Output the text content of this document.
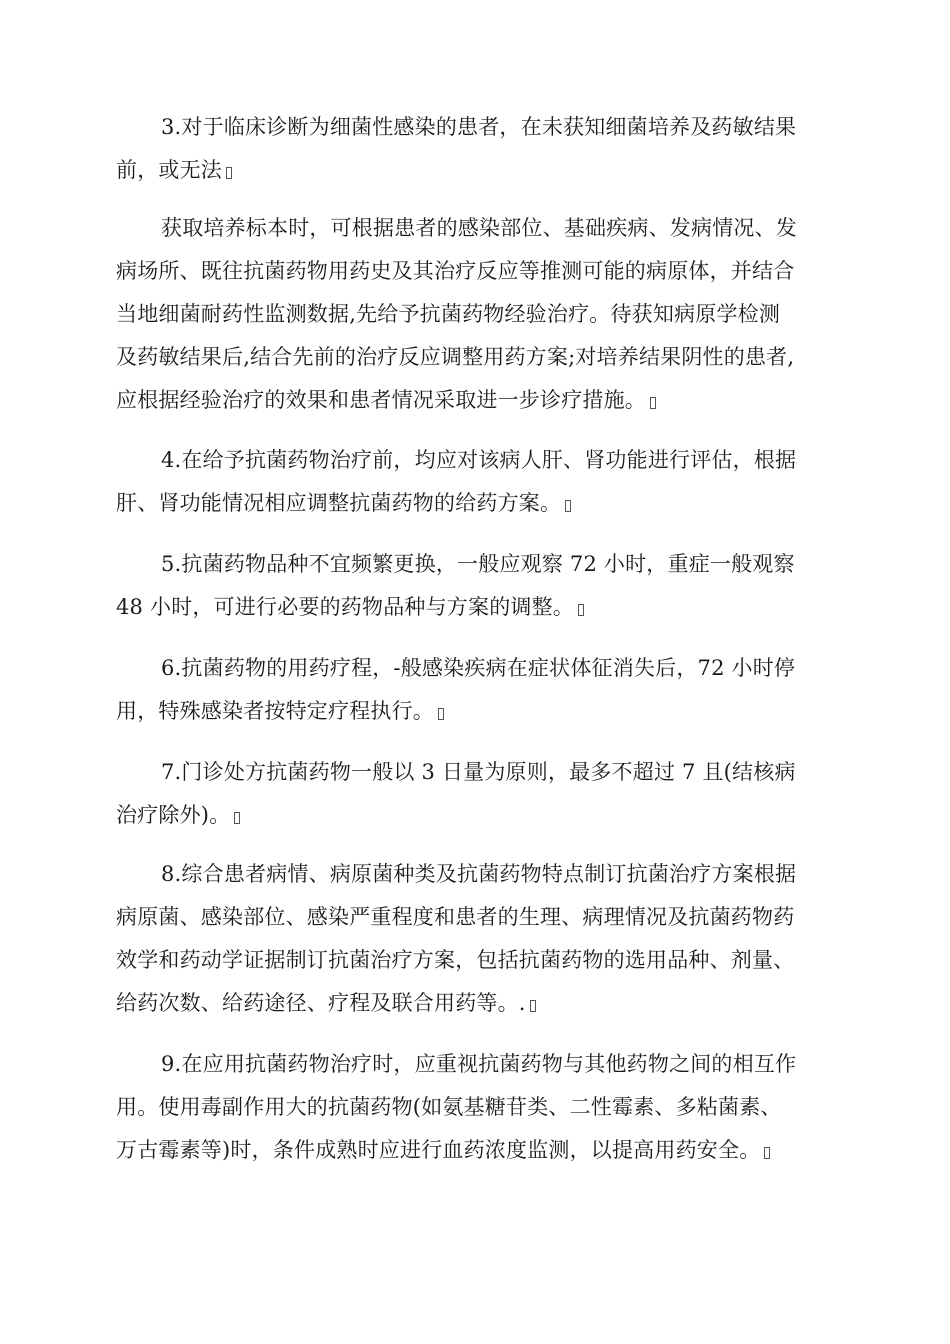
3.对于临床诊断为细菌性感染的患者，在未获知细菌培养及药敏结果
前，或无法
获取培养标本时，可根据患者的感染部位、基础疾病、发病情况、发
病场所、既往抗菌药物用药史及其治疗反应等推测可能的病原体，并结合
当地细菌耐药性监测数据,先给予抗菌药物经验治疗。待获知病原学检测
及药敏结果后,结合先前的治疗反应调整用药方案;对培养结果阴性的患者,
应根据经验治疗的效果和患者情况采取进一步诊疗措施。
4.在给予抗菌药物治疗前，均应对该病人肝、肾功能进行评估，根据
肝、肾功能情况相应调整抗菌药物的给药方案。
5.抗菌药物品种不宜频繁更换，一般应观察 72 小时，重症一般观察
48 小时，可进行必要的药物品种与方案的调整。
6.抗菌药物的用药疗程，-般感染疾病在症状体征消失后，72 小时停
用，特殊感染者按特定疗程执行。
7.门诊处方抗菌药物一般以 3 日量为原则，最多不超过 7 且(结核病
治疗除外)。
8.综合患者病情、病原菌种类及抗菌药物特点制订抗菌治疗方案根据
病原菌、感染部位、感染严重程度和患者的生理、病理情况及抗菌药物药
效学和药动学证据制订抗菌治疗方案，包括抗菌药物的选用品种、剂量、
给药次数、给药途径、疗程及联合用药等。.
9.在应用抗菌药物治疗时，应重视抗菌药物与其他药物之间的相互作
用。使用毒副作用大的抗菌药物(如氨基糖苷类、二性霉素、多粘菌素、
万古霉素等)时，条件成熟时应进行血药浓度监测，以提高用药安全。
